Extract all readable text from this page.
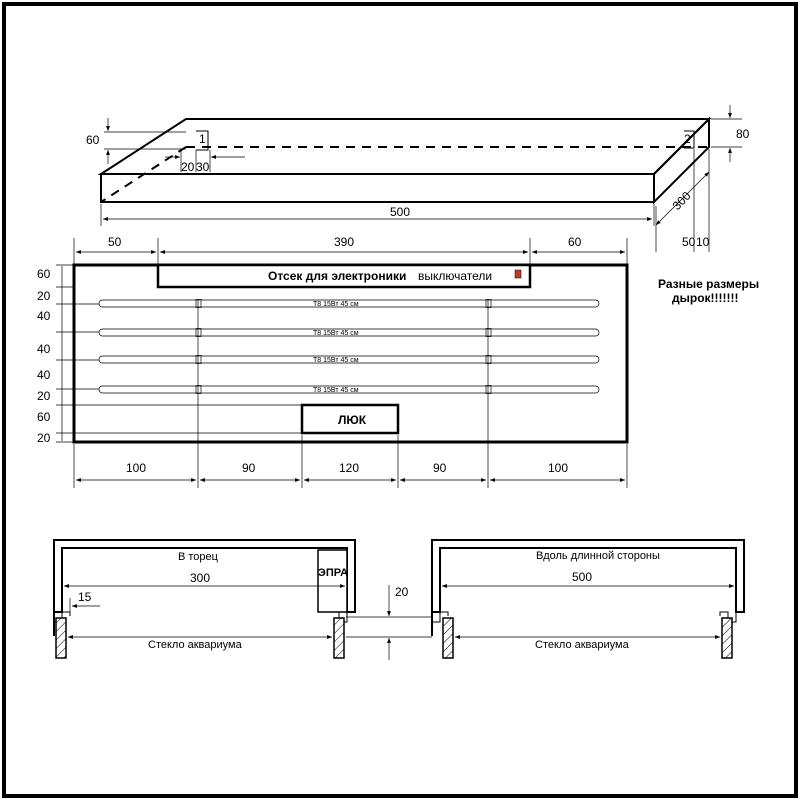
1	2
60
20 30
80
500	300
50 10
50	390	60
Отсек для электроники выключатели
T8 15Вт 45 см
T8 15Вт 45 см
T8 15Вт 45 см
T8 15Вт 45 см
ЛЮК
60
20
40
40
40
20
60
20
100	90	120	90	100
Разные размеры
дырок!!!!!!!
ЭПРА
В торец
300
15
Стекло аквариума
20
Вдоль длинной стороны
500
Стекло аквариума
